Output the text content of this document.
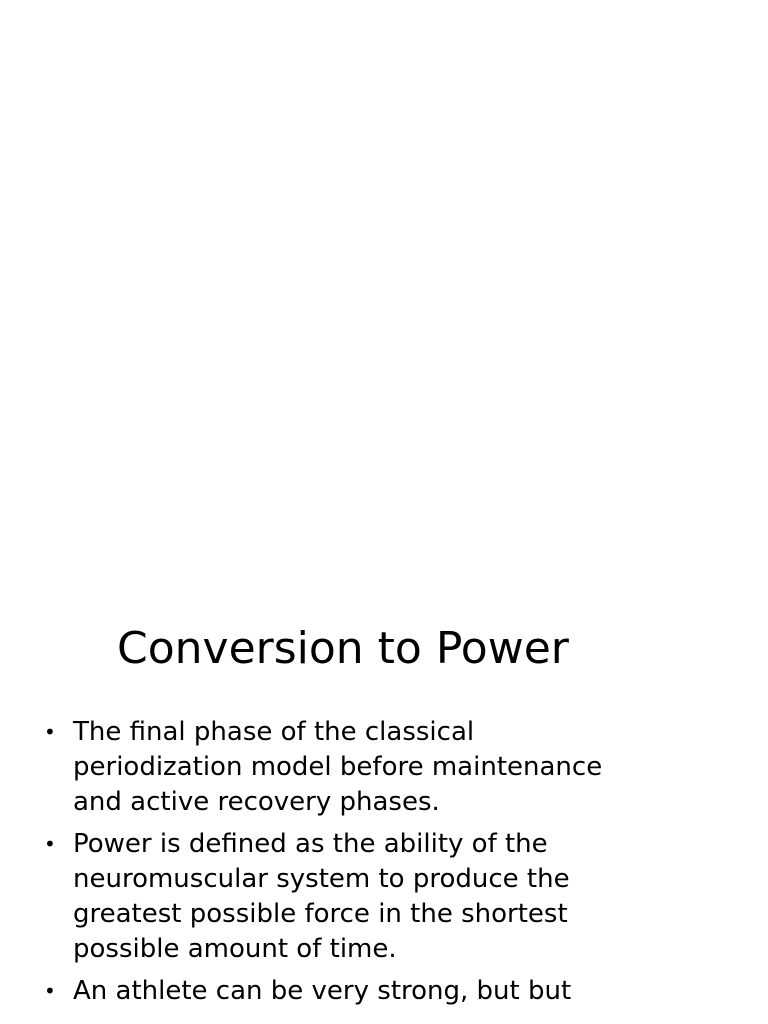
Conversion to Power
• The final phase of the classical
periodization model before maintenance
and active recovery phases.
• Power is defined as the ability of the
neuromuscular system to produce the
greatest possible force in the shortest
possible amount of time.
• An athlete can be very strong, but but
